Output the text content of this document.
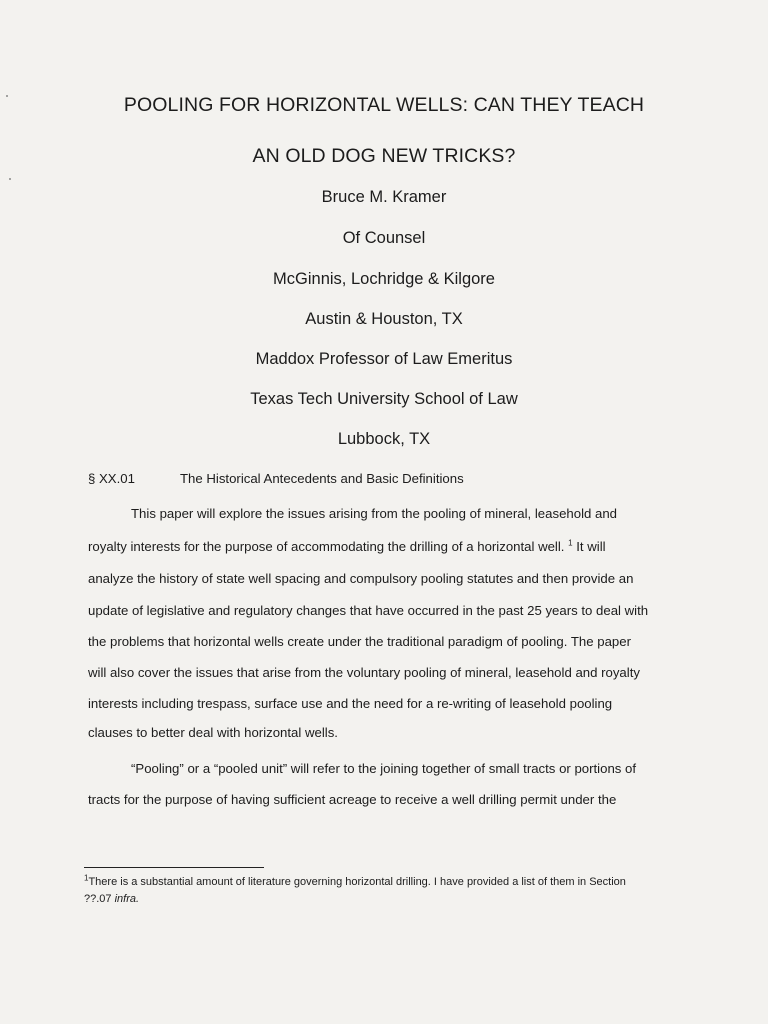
POOLING FOR HORIZONTAL WELLS: CAN THEY TEACH
AN OLD DOG NEW TRICKS?
Bruce M. Kramer
Of Counsel
McGinnis, Lochridge & Kilgore
Austin & Houston, TX
Maddox Professor of Law Emeritus
Texas Tech University School of Law
Lubbock, TX
§ XX.01	The Historical Antecedents and Basic Definitions
This paper will explore the issues arising from the pooling of mineral, leasehold and
royalty interests for the purpose of accommodating the drilling of a horizontal well. $^1$ It will
analyze the history of state well spacing and compulsory pooling statutes and then provide an
update of legislative and regulatory changes that have occurred in the past 25 years to deal with
the problems that horizontal wells create under the traditional paradigm of pooling. The paper
will also cover the issues that arise from the voluntary pooling of mineral, leasehold and royalty
interests including trespass, surface use and the need for a re-writing of leasehold pooling
clauses to better deal with horizontal wells.
“Pooling” or a “pooled unit” will refer to the joining together of small tracts or portions of
tracts for the purpose of having sufficient acreage to receive a well drilling permit under the
$^1$There is a substantial amount of literature governing horizontal drilling. I have provided a list of them in Section
??.07 infra.
